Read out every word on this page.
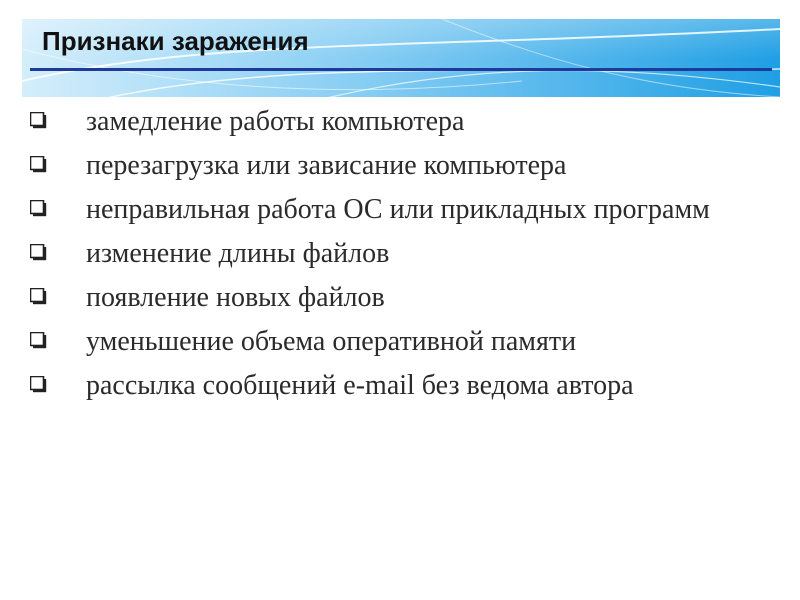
Признаки заражения
замедление работы компьютера
перезагрузка или зависание компьютера
неправильная работа ОС или прикладных программ
изменение длины файлов
появление новых файлов
уменьшение объема оперативной памяти
рассылка сообщений e-mail без ведома автора
